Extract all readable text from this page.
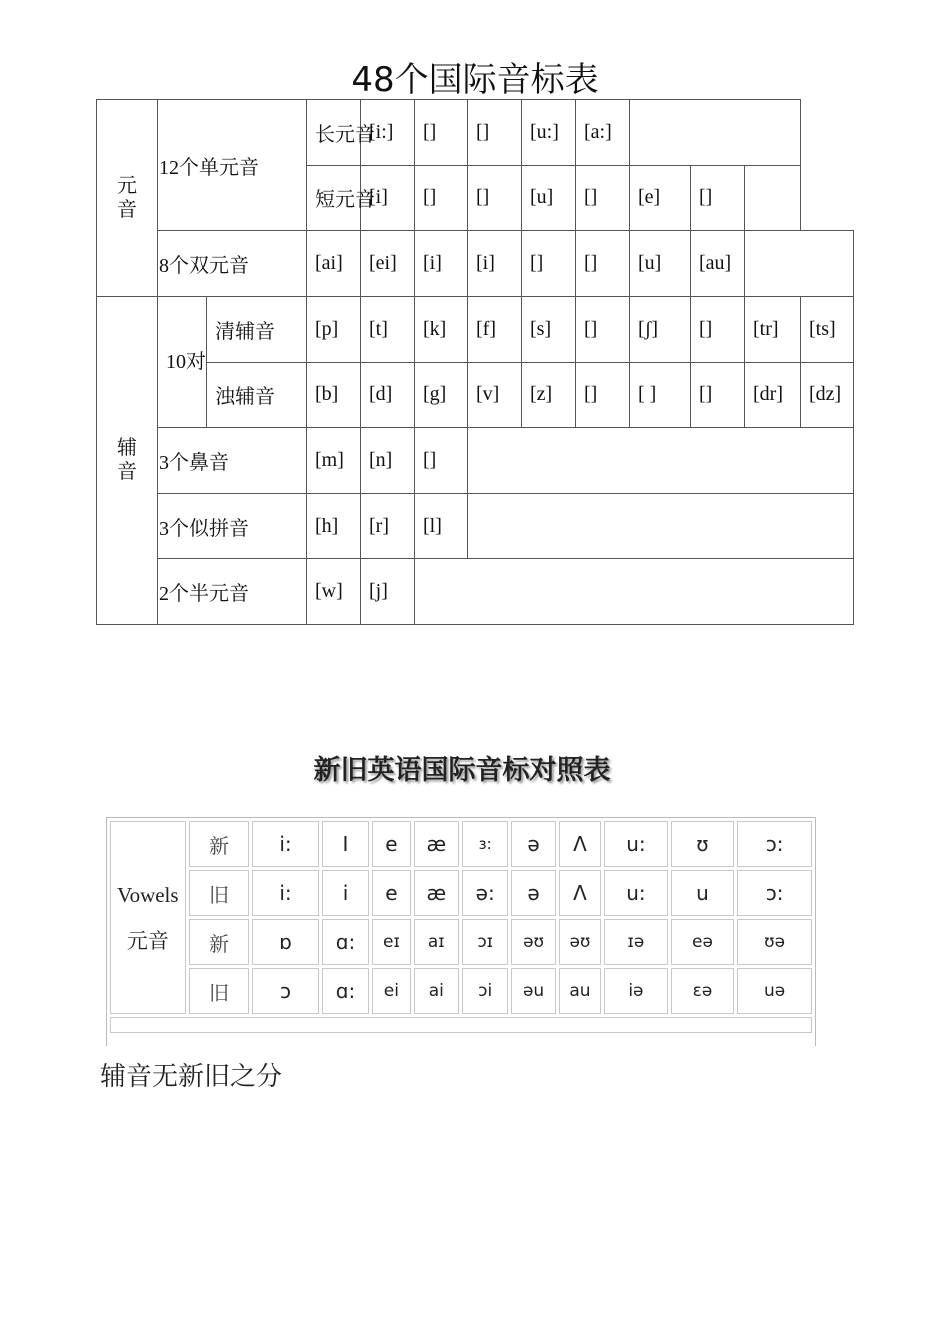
48个国际音标表
元音	12个单元音		长元音	[i:]	[]	[]	[u:]	[a:]				
			短元音	[i]	[]	[]	[u]	[]	[e]	[]		
	8个双元音		[ai]	[ei]	[i]	[i]	[]	[]	[u]	[au]		
辅音	10对	清辅音	[p]	[t]	[k]	[f]	[s]	[]	[ʃ]	[]	[tr]	[ts]
		浊辅音	[b]	[d]	[g]	[v]	[z]	[]	[ ]	[]	[dr]	[dz]
	3个鼻音		[m]	[n]	[]							
	3个似拼音		[h]	[r]	[l]							
	2个半元音		[w]	[j]								
新旧英语国际音标对照表
Vowels
元音	新	i:	I	e	æ	ɜ:	ə	Λ	u:	ʊ	ɔ:
	旧	i:	i	e	æ	ə:	ə	Λ	u:	u	ɔ:
	新	ɒ	ɑ:	eɪ	aɪ	ɔɪ	əʊ	əʊ	ɪə	eə	ʊə
	旧	ɔ	ɑ:	ei	ai	ɔi	əu	au	iə	ɛə	uə

辅音无新旧之分
